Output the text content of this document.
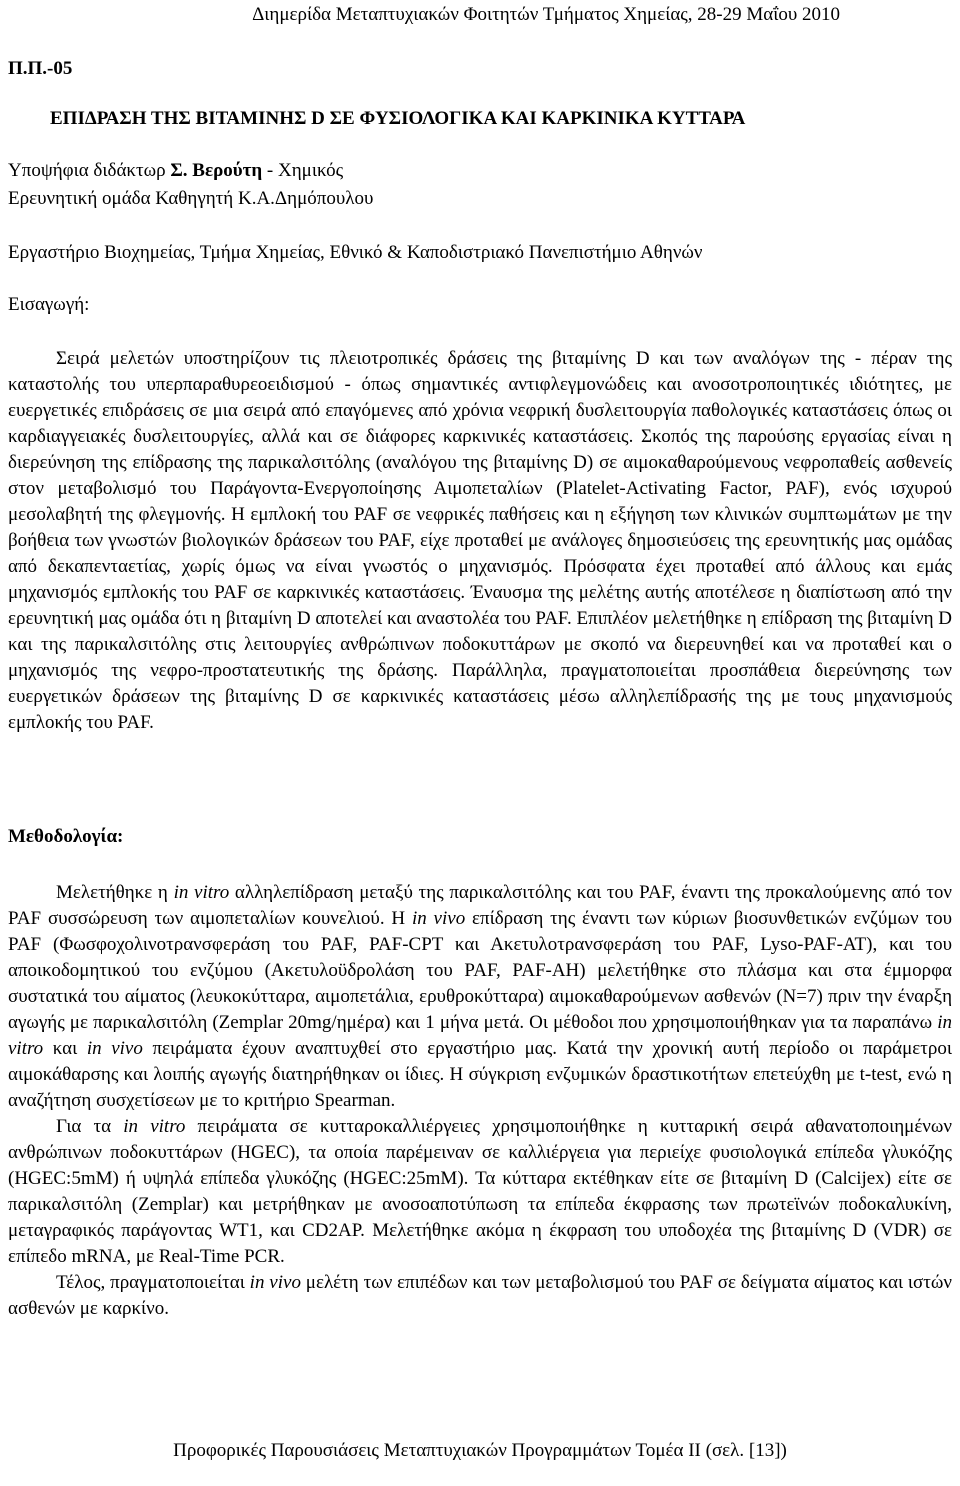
Διημερίδα Μεταπτυχιακών Φοιτητών Τμήματος Χημείας, 28-29 Μαΐου 2010
Π.Π.-05
ΕΠΙΔΡΑΣΗ ΤΗΣ ΒΙΤΑΜΙΝΗΣ D ΣΕ ΦΥΣΙΟΛΟΓΙΚΑ ΚΑΙ ΚΑΡΚΙΝΙΚΑ ΚΥΤΤΑΡΑ
Υποψήφια διδάκτωρ Σ. Βερούτη - Χημικός
Ερευνητική ομάδα Καθηγητή Κ.Α.Δημόπουλου
Εργαστήριο Βιοχημείας, Τμήμα Χημείας, Εθνικό & Καποδιστριακό Πανεπιστήμιο Αθηνών
Εισαγωγή:

Σειρά μελετών υποστηρίζουν τις πλειοτροπικές δράσεις της βιταμίνης D και των αναλόγων της - πέραν της καταστολής του υπερπαραθυρεοειδισμού - όπως σημαντικές αντιφλεγμονώδεις και ανοσοτροποιητικές ιδιότητες, με ευεργετικές επιδράσεις σε μια σειρά από επαγόμενες από χρόνια νεφρική δυσλειτουργία παθολογικές καταστάσεις όπως οι καρδιαγγειακές δυσλειτουργίες, αλλά και σε διάφορες καρκινικές καταστάσεις. Σκοπός της παρούσης εργασίας είναι η διερεύνηση της επίδρασης της παρικαλσιτόλης (αναλόγου της βιταμίνης D) σε αιμοκαθαρούμενους νεφροπαθείς ασθενείς στον μεταβολισμό του Παράγοντα-Ενεργοποίησης Αιμοπεταλίων (Platelet-Activating Factor, PAF), ενός ισχυρού μεσολαβητή της φλεγμονής. Η εμπλοκή του PAF σε νεφρικές παθήσεις και η εξήγηση των κλινικών συμπτωμάτων με την βοήθεια των γνωστών βιολογικών δράσεων του PAF, είχε προταθεί με ανάλογες δημοσιεύσεις της ερευνητικής μας ομάδας από δεκαπενταετίας, χωρίς όμως να είναι γνωστός ο μηχανισμός. Πρόσφατα έχει προταθεί από άλλους και εμάς μηχανισμός εμπλοκής του PAF σε καρκινικές καταστάσεις. Έναυσμα της μελέτης αυτής αποτέλεσε η διαπίστωση από την ερευνητική μας ομάδα ότι η βιταμίνη D αποτελεί και αναστολέα του PAF. Επιπλέον μελετήθηκε η επίδραση της βιταμίνη D και της παρικαλσιτόλης στις λειτουργίες ανθρώπινων ποδοκυττάρων με σκοπό να διερευνηθεί και να προταθεί και ο μηχανισμός της νεφρο-προστατευτικής της δράσης. Παράλληλα, πραγματοποιείται προσπάθεια διερεύνησης των ευεργετικών δράσεων της βιταμίνης D σε καρκινικές καταστάσεις μέσω αλληλεπίδρασής της με τους μηχανισμούς εμπλοκής του PAF.

Μεθοδολογία:

Μελετήθηκε η in vitro αλληλεπίδραση μεταξύ της παρικαλσιτόλης και του PAF, έναντι της προκαλούμενης από τον PAF συσσώρευση των αιμοπεταλίων κουνελιού. Η in vivo επίδραση της έναντι των κύριων βιοσυνθετικών ενζύμων του PAF (Φωσφοχολινοτρανσφεράση του PAF, PAF-CPT και Ακετυλοτρανσφεράση του PAF, Lyso-PAF-AT), και του αποικοδομητικού του ενζύμου (Ακετυλοϋδρολάση του PAF, PAF-AH) μελετήθηκε στο πλάσμα και στα έμμορφα συστατικά του αίματος (λευκοκύτταρα, αιμοπετάλια, ερυθροκύτταρα) αιμοκαθαρούμενων ασθενών (N=7) πριν την έναρξη αγωγής με παρικαλσιτόλη (Zemplar 20mg/ημέρα) και 1 μήνα μετά. Οι μέθοδοι που χρησιμοποιήθηκαν για τα παραπάνω in vitro και in vivo πειράματα έχουν αναπτυχθεί στο εργαστήριο μας. Κατά την χρονική αυτή περίοδο οι παράμετροι αιμοκάθαρσης και λοιπής αγωγής διατηρήθηκαν οι ίδιες. Η σύγκριση ενζυμικών δραστικοτήτων επετεύχθη με t-test, ενώ η αναζήτηση συσχετίσεων με το κριτήριο Spearman.

Για τα in vitro πειράματα σε κυτταροκαλλιέργειες χρησιμοποιήθηκε η κυτταρική σειρά αθανατοποιημένων ανθρώπινων ποδοκυττάρων (HGEC), τα οποία παρέμειναν σε καλλιέργεια για περιείχε φυσιολογικά επίπεδα γλυκόζης (HGEC:5mM) ή υψηλά επίπεδα γλυκόζης (HGEC:25mM). Τα κύτταρα εκτέθηκαν είτε σε βιταμίνη D (Calcijex) είτε σε παρικαλσιτόλη (Zemplar) και μετρήθηκαν με ανοσοαποτύπωση τα επίπεδα έκφρασης των πρωτεϊνών ποδοκαλυκίνη, μεταγραφικός παράγοντας WT1, και CD2AP. Μελετήθηκε ακόμα η έκφραση του υποδοχέα της βιταμίνης D (VDR) σε επίπεδο mRNA, με Real-Time PCR.

Τέλος, πραγματοποιείται in vivo μελέτη των επιπέδων και των μεταβολισμού του PAF σε δείγματα αίματος και ιστών ασθενών με καρκίνο.

Προφορικές Παρουσιάσεις Μεταπτυχιακών Προγραμμάτων Τομέα ΙΙ (σελ. [13])
